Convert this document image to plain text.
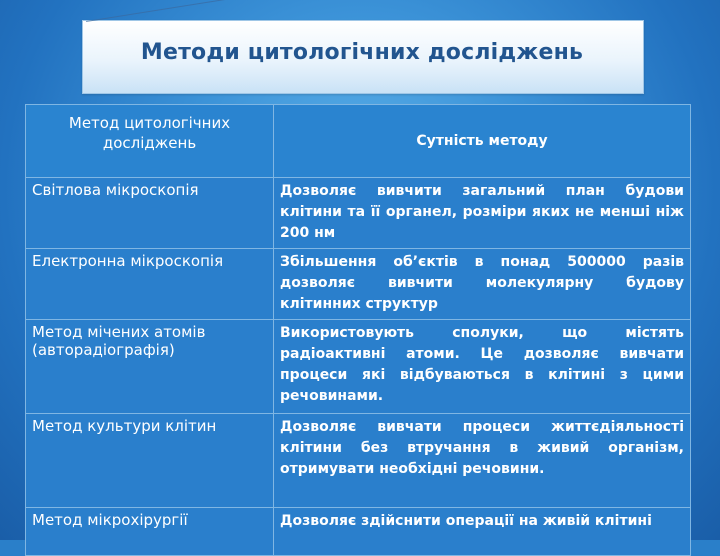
Методи цитологічних досліджень
Метод цитологічних досліджень	Сутність методу
Світлова мікроскопія	Дозволяє вивчити загальний план будови клітини та її органел, розміри яких не менші ніж 200 нм
Електронна мікроскопія	Збільшення об’єктів в понад 500000 разів дозволяє вивчити молекулярну будову клітинних структур
Метод мічених атомів (авторадіографія)	Використовують сполуки, що містять радіоактивні атоми. Це дозволяє вивчати процеси які відбуваються в клітині з цими речовинами.
Метод культури клітин	Дозволяє вивчати процеси життєдіяльності клітини без втручання в живий організм, отримувати необхідні речовини.
Метод мікрохірургії	Дозволяє здійснити операції на живій клітині
